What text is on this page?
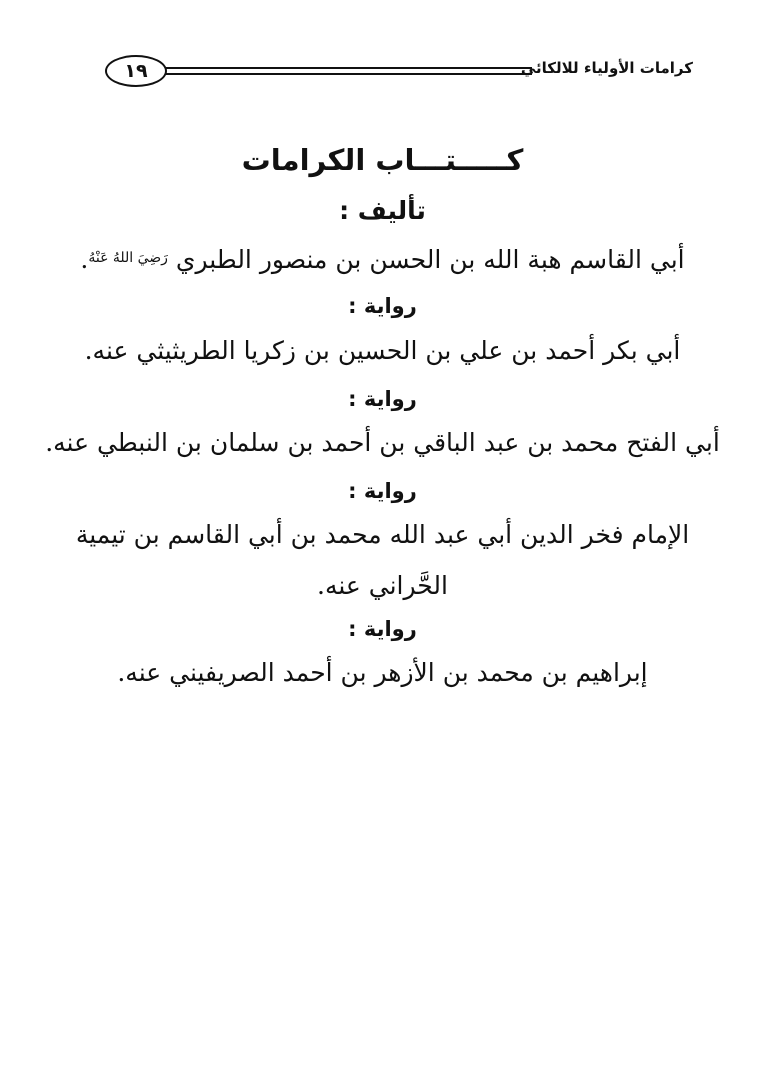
١٩	كرامات الأولياء للالكائي
كـــــتـــاب الكرامات
تأليف :
أبي القاسم هبة الله بن الحسن بن منصور الطبري $^{رَضِيَ اللهُ عَنْهُ}$.
رواية :
أبي بكر أحمد بن علي بن الحسين بن زكريا الطريثيثي عنه.
رواية :
أبي الفتح محمد بن عبد الباقي بن أحمد بن سلمان بن النبطي عنه.
رواية :
الإمام فخر الدين أبي عبد الله محمد بن أبي القاسم بن تيمية
الحَّراني عنه.
رواية :
إبراهيم بن محمد بن الأزهر بن أحمد الصريفيني عنه.
